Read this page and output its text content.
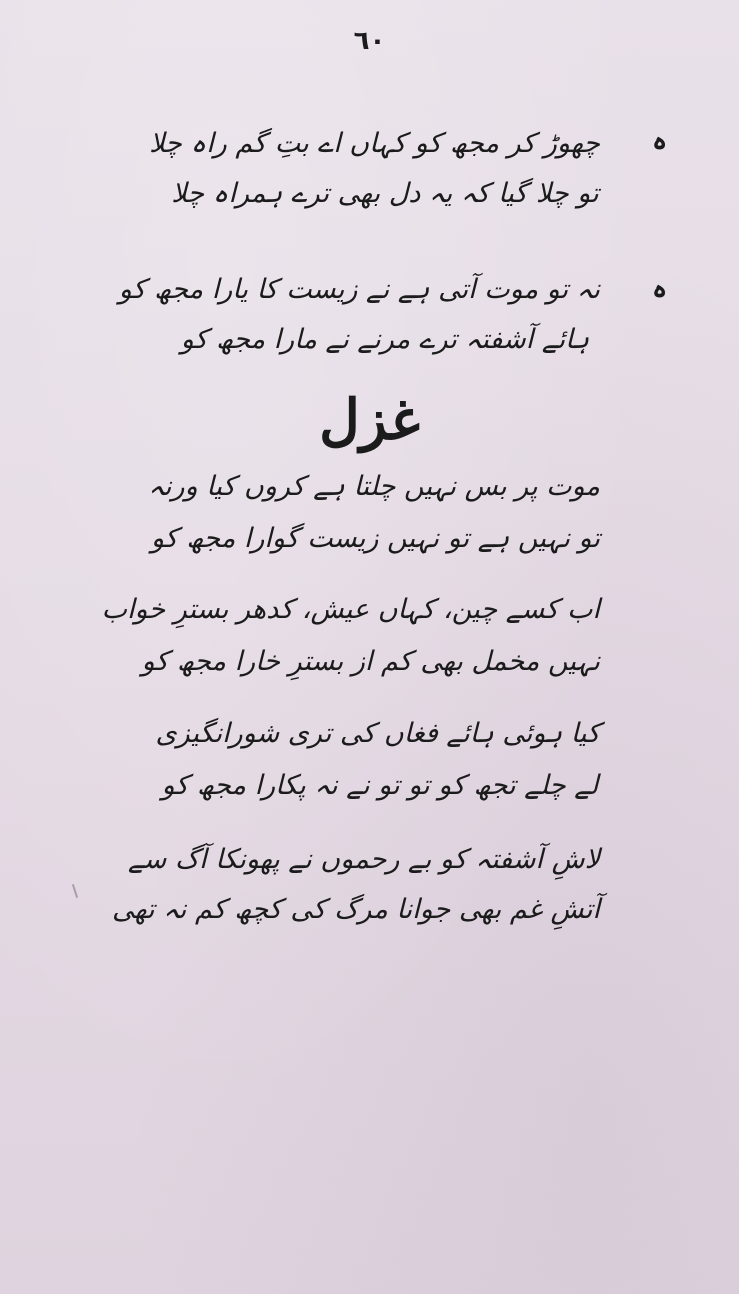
٦٠
ہ
چھوڑ کر مجھ کو کہاں اے بتِ گم راہ چلا
تو چلا گیا کہ یہ دل بھی ترے ہمراہ چلا
ہ
نہ تو موت آتی ہے نے زیست کا یارا مجھ کو
ہائے آشفتہ ترے مرنے نے مارا مجھ کو
غزل
موت پر بس نہیں چلتا ہے کروں کیا ورنہ
تو نہیں ہے تو نہیں زیست گوارا مجھ کو
اب کسے چین، کہاں عیش، کدھر بسترِ خواب
نہیں مخمل بھی کم از بسترِ خارا مجھ کو
کیا ہوئی ہائے فغاں کی تری شورانگیزی
لے چلے تجھ کو تو تو نے نہ پکارا مجھ کو
لاشِ آشفتہ کو بے رحموں نے پھونکا آگ سے
آتشِ غم بھی جوانا مرگ کی کچھ کم نہ تھی
